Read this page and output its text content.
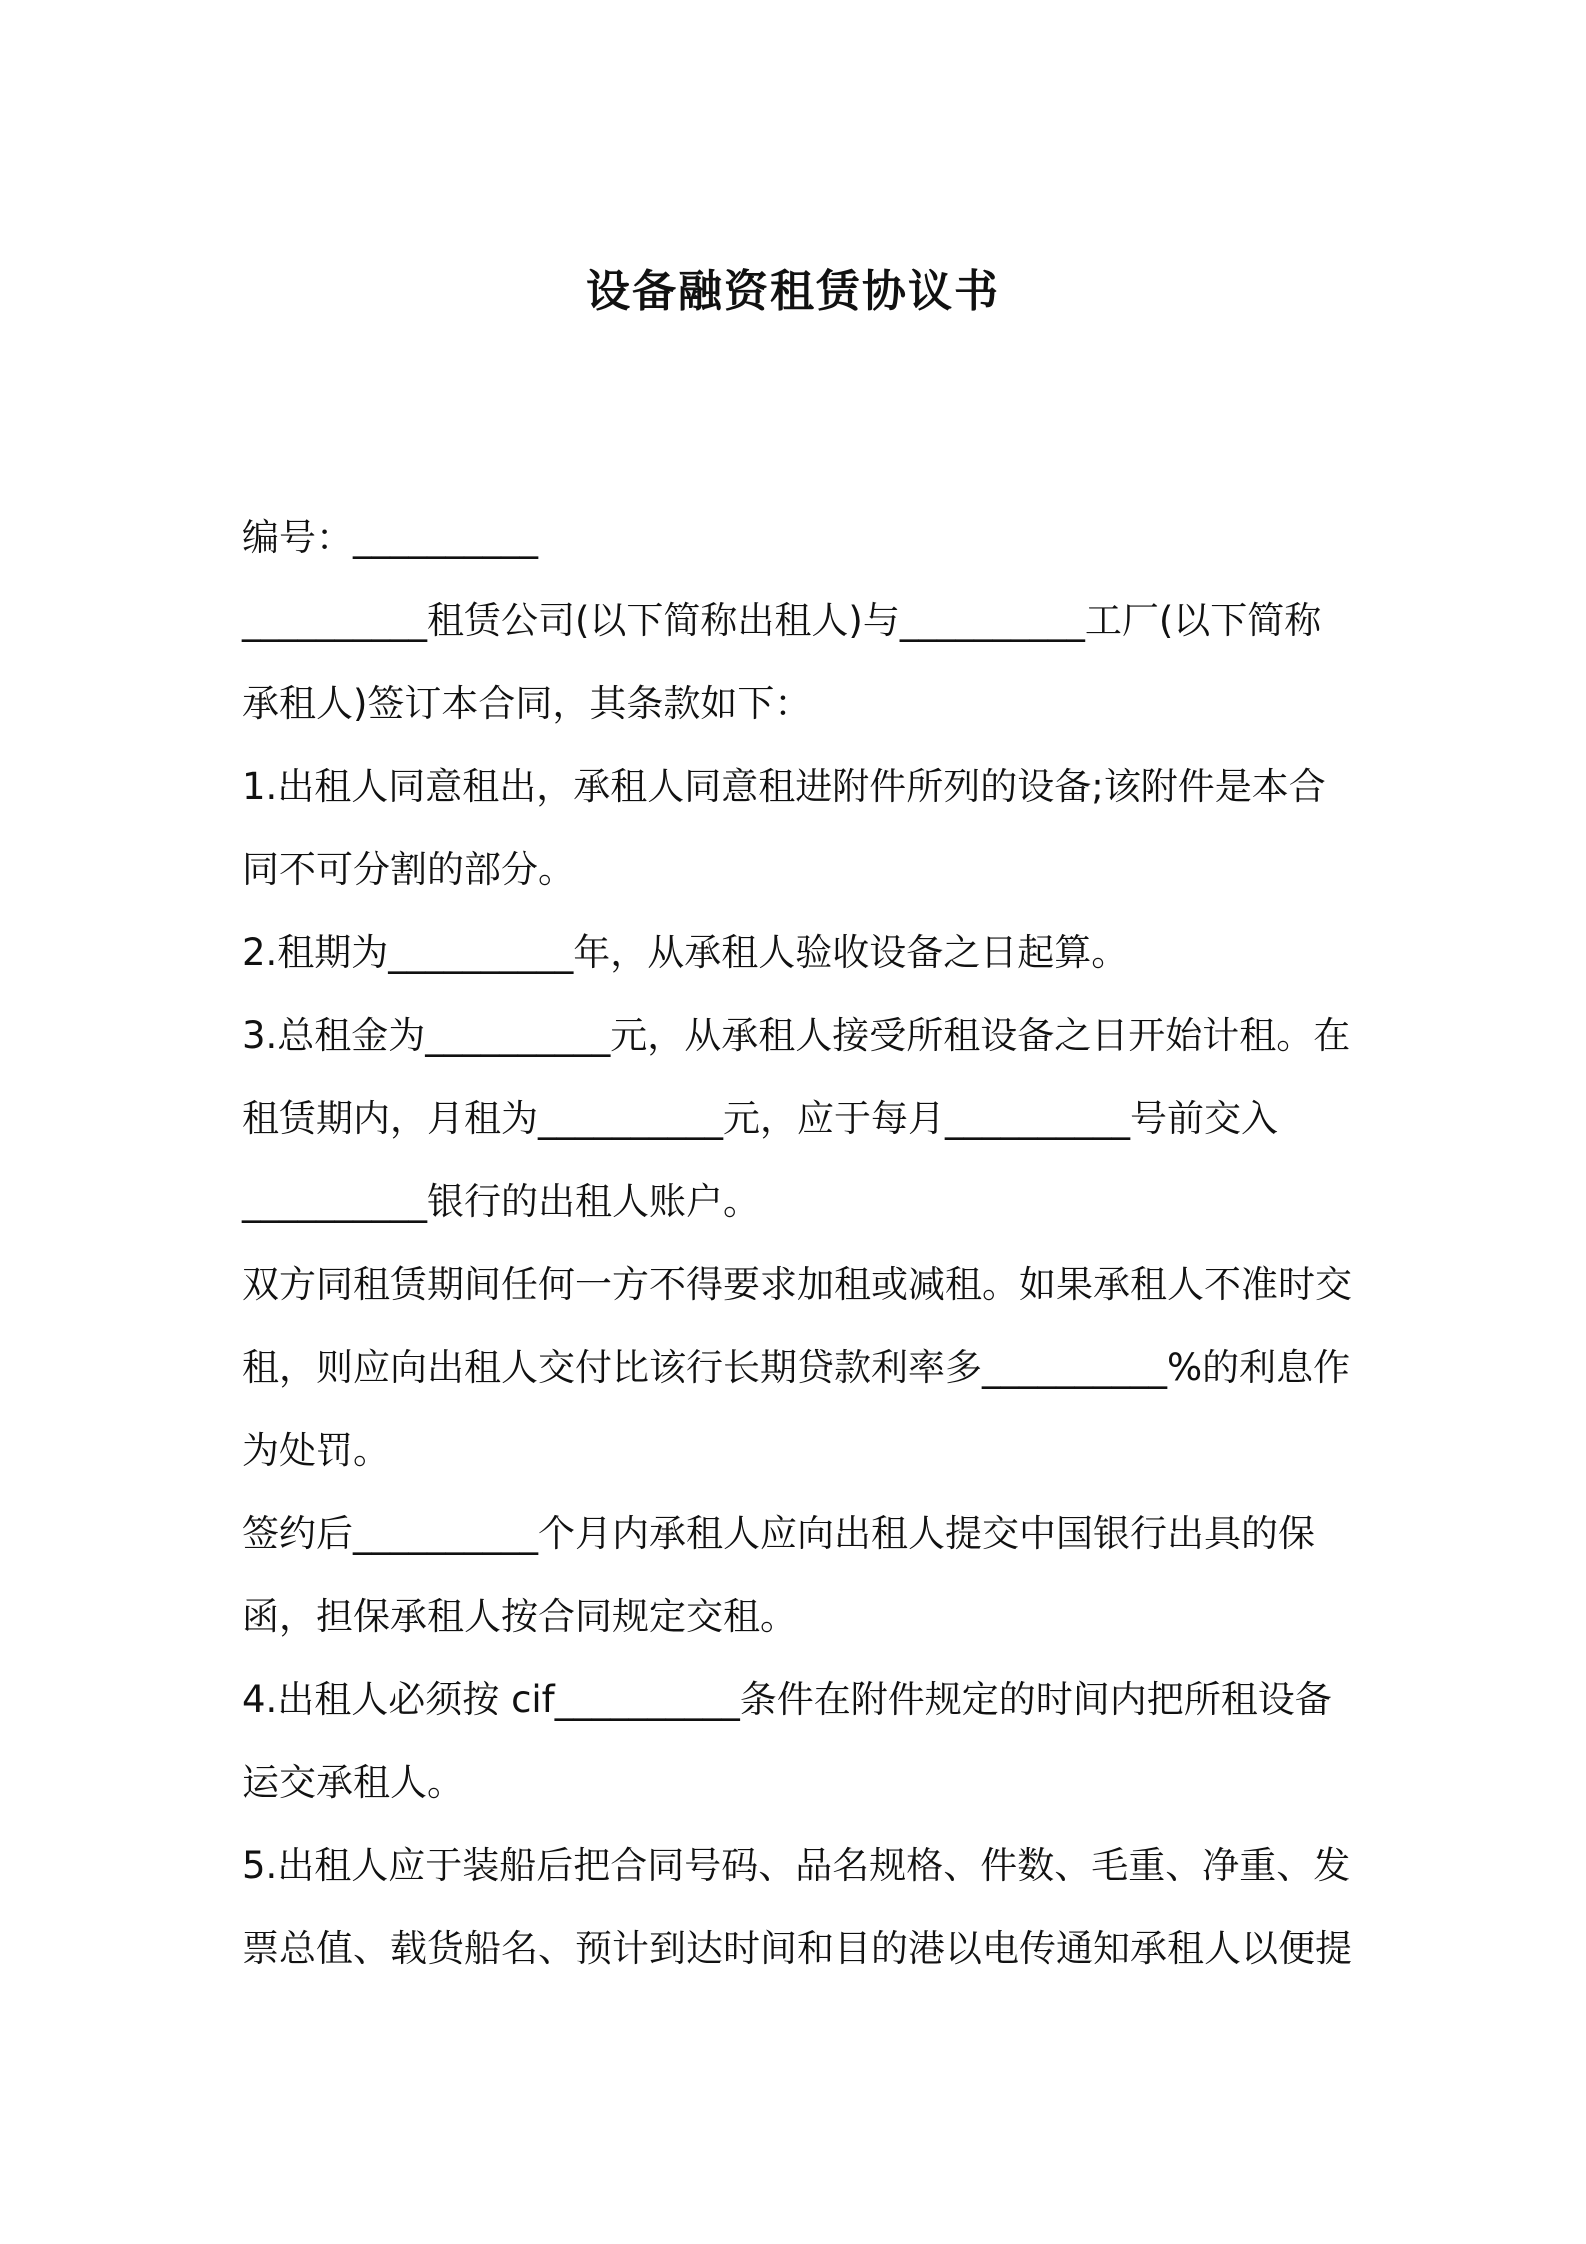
设备融资租赁协议书

编号：__________

__________租赁公司(以下简称出租人)与__________工厂(以下简称承租人)签订本合同，其条款如下：

1.出租人同意租出，承租人同意租进附件所列的设备;该附件是本合同不可分割的部分。

2.租期为__________年，从承租人验收设备之日起算。

3.总租金为__________元，从承租人接受所租设备之日开始计租。在租赁期内，月租为__________元，应于每月__________号前交入__________银行的出租人账户。

双方同租赁期间任何一方不得要求加租或减租。如果承租人不准时交租，则应向出租人交付比该行长期贷款利率多__________%的利息作为处罚。

签约后__________个月内承租人应向出租人提交中国银行出具的保函，担保承租人按合同规定交租。

4.出租人必须按 cif__________条件在附件规定的时间内把所租设备运交承租人。

5.出租人应于装船后把合同号码、品名规格、件数、毛重、净重、发票总值、载货船名、预计到达时间和目的港以电传通知承租人以便提
